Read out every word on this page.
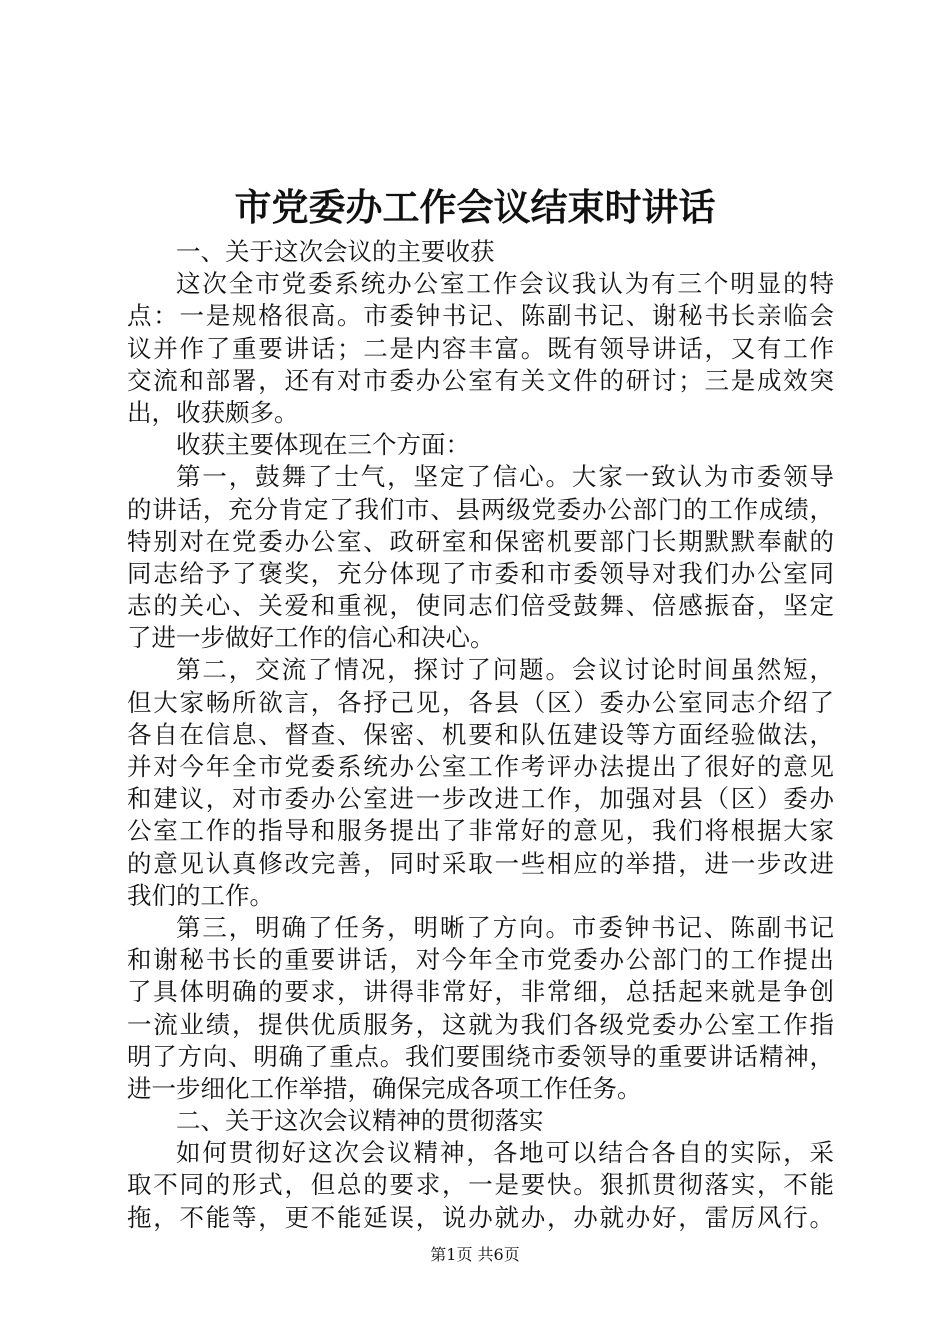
市党委办工作会议结束时讲话
一、关于这次会议的主要收获
这次全市党委系统办公室工作会议我认为有三个明显的特
点：一是规格很高。市委钟书记、陈副书记、谢秘书长亲临会
议并作了重要讲话；二是内容丰富。既有领导讲话，又有工作
交流和部署，还有对市委办公室有关文件的研讨；三是成效突
出，收获颇多。
收获主要体现在三个方面：
第一，鼓舞了士气，坚定了信心。大家一致认为市委领导
的讲话，充分肯定了我们市、县两级党委办公部门的工作成绩，
特别对在党委办公室、政研室和保密机要部门长期默默奉献的
同志给予了褒奖，充分体现了市委和市委领导对我们办公室同
志的关心、关爱和重视，使同志们倍受鼓舞、倍感振奋，坚定
了进一步做好工作的信心和决心。
第二，交流了情况，探讨了问题。会议讨论时间虽然短，
但大家畅所欲言，各抒己见，各县（区）委办公室同志介绍了
各自在信息、督查、保密、机要和队伍建设等方面经验做法，
并对今年全市党委系统办公室工作考评办法提出了很好的意见
和建议，对市委办公室进一步改进工作，加强对县（区）委办
公室工作的指导和服务提出了非常好的意见，我们将根据大家
的意见认真修改完善，同时采取一些相应的举措，进一步改进
我们的工作。
第三，明确了任务，明晰了方向。市委钟书记、陈副书记
和谢秘书长的重要讲话，对今年全市党委办公部门的工作提出
了具体明确的要求，讲得非常好，非常细，总括起来就是争创
一流业绩，提供优质服务，这就为我们各级党委办公室工作指
明了方向、明确了重点。我们要围绕市委领导的重要讲话精神，
进一步细化工作举措，确保完成各项工作任务。
二、关于这次会议精神的贯彻落实
如何贯彻好这次会议精神，各地可以结合各自的实际，采
取不同的形式，但总的要求，一是要快。狠抓贯彻落实，不能
拖，不能等，更不能延误，说办就办，办就办好，雷厉风行。
第1页 共6页
